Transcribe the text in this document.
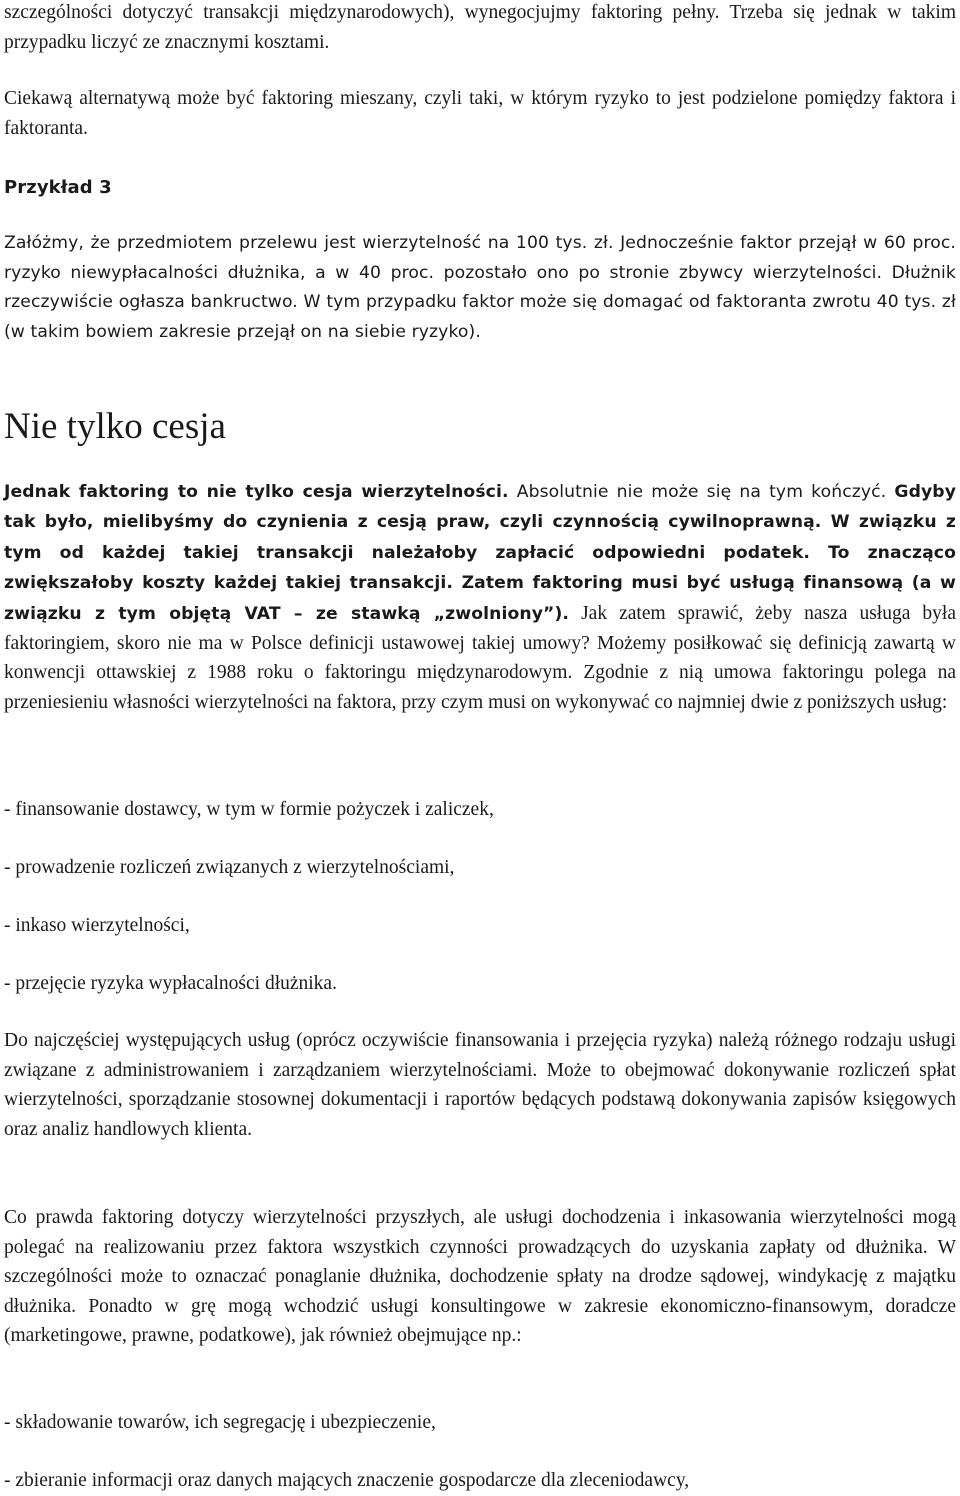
szczególności dotyczyć transakcji międzynarodowych), wynegocjujmy faktoring pełny. Trzeba się jednak w takim przypadku liczyć ze znacznymi kosztami.

Ciekawą alternatywą może być faktoring mieszany, czyli taki, w którym ryzyko to jest podzielone pomiędzy faktora i faktoranta.

Przykład 3

Załóżmy, że przedmiotem przelewu jest wierzytelność na 100 tys. zł. Jednocześnie faktor przejął w 60 proc. ryzyko niewypłacalności dłużnika, a w 40 proc. pozostało ono po stronie zbywcy wierzytelności. Dłużnik rzeczywiście ogłasza bankructwo. W tym przypadku faktor może się domagać od faktoranta zwrotu 40 tys. zł (w takim bowiem zakresie przejął on na siebie ryzyko).

Nie tylko cesja

Jednak faktoring to nie tylko cesja wierzytelności. Absolutnie nie może się na tym kończyć. Gdyby tak było, mielibyśmy do czynienia z cesją praw, czyli czynnością cywilnoprawną. W związku z tym od każdej takiej transakcji należałoby zapłacić odpowiedni podatek. To znacząco zwiększałoby koszty każdej takiej transakcji. Zatem faktoring musi być usługą finansową (a w związku z tym objętą VAT – ze stawką „zwolniony”). Jak zatem sprawić, żeby nasza usługa była faktoringiem, skoro nie ma w Polsce definicji ustawowej takiej umowy? Możemy posiłkować się definicją zawartą w konwencji ottawskiej z 1988 roku o faktoringu międzynarodowym. Zgodnie z nią umowa faktoringu polega na przeniesieniu własności wierzytelności na faktora, przy czym musi on wykonywać co najmniej dwie z poniższych usług:

- finansowanie dostawcy, w tym w formie pożyczek i zaliczek,

- prowadzenie rozliczeń związanych z wierzytelnościami,

- inkaso wierzytelności,

- przejęcie ryzyka wypłacalności dłużnika.

Do najczęściej występujących usług (oprócz oczywiście finansowania i przejęcia ryzyka) należą różnego rodzaju usługi związane z administrowaniem i zarządzaniem wierzytelnościami. Może to obejmować dokonywanie rozliczeń spłat wierzytelności, sporządzanie stosownej dokumentacji i raportów będących podstawą dokonywania zapisów księgowych oraz analiz handlowych klienta.

Co prawda faktoring dotyczy wierzytelności przyszłych, ale usługi dochodzenia i inkasowania wierzytelności mogą polegać na realizowaniu przez faktora wszystkich czynności prowadzących do uzyskania zapłaty od dłużnika. W szczególności może to oznaczać ponaglanie dłużnika, dochodzenie spłaty na drodze sądowej, windykację z majątku dłużnika. Ponadto w grę mogą wchodzić usługi konsultingowe w zakresie ekonomiczno-finansowym, doradcze (marketingowe, prawne, podatkowe), jak również obejmujące np.:

- składowanie towarów, ich segregację i ubezpieczenie,

- zbieranie informacji oraz danych mających znaczenie gospodarcze dla zleceniodawcy,
